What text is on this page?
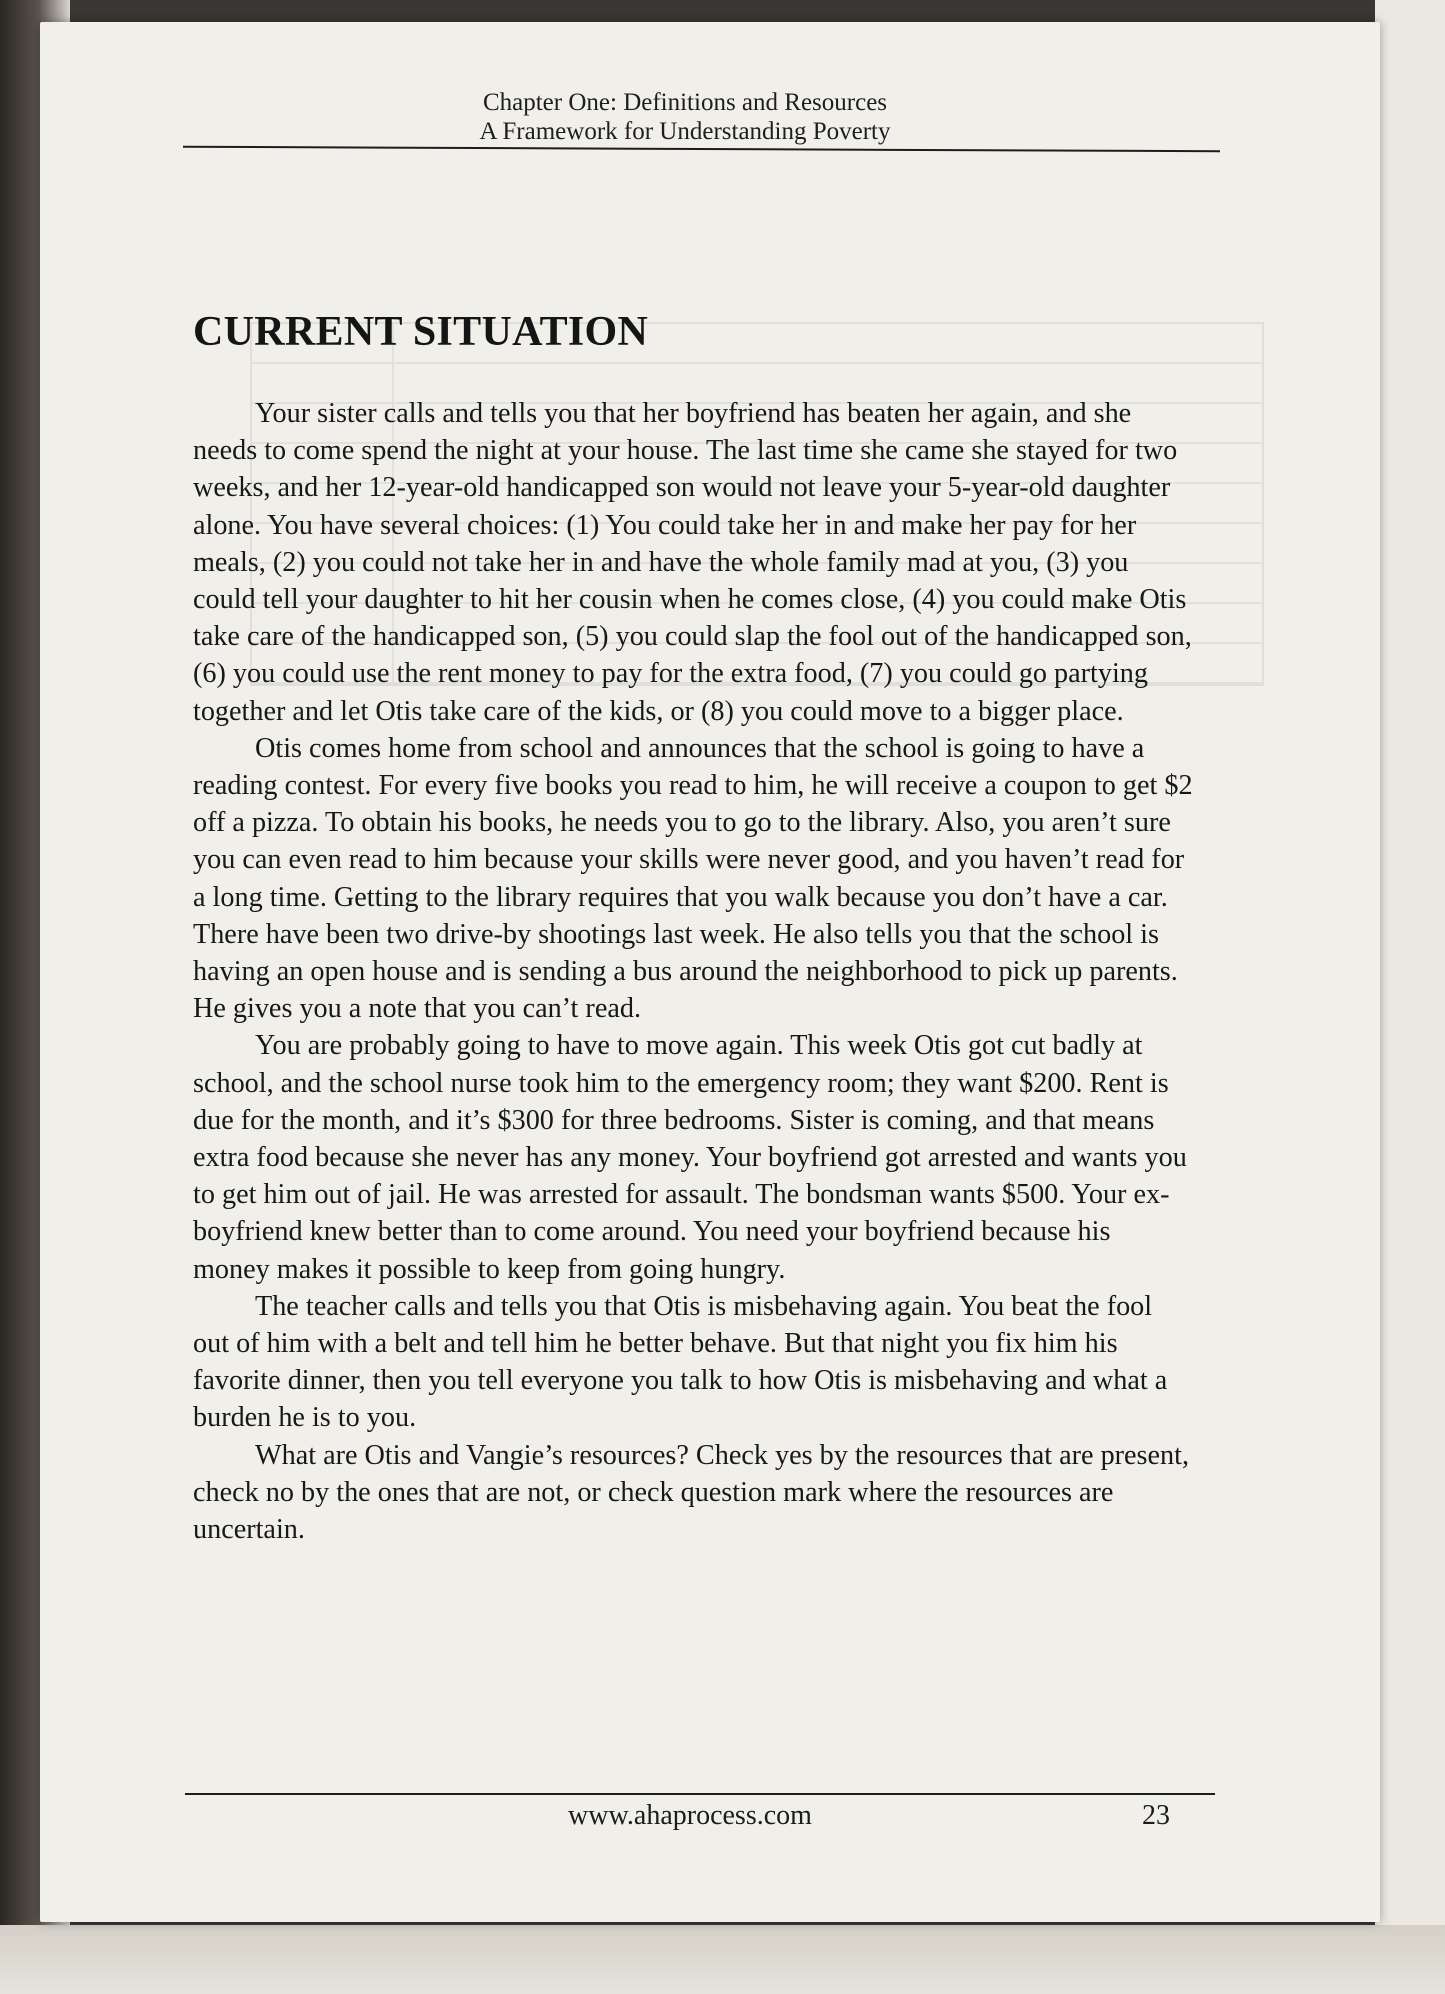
Chapter One: Definitions and Resources
A Framework for Understanding Poverty
CURRENT SITUATION

Your sister calls and tells you that her boyfriend has beaten her again, and she needs to come spend the night at your house. The last time she came she stayed for two weeks, and her 12-year-old handicapped son would not leave your 5-year-old daughter alone. You have several choices: (1) You could take her in and make her pay for her meals, (2) you could not take her in and have the whole family mad at you, (3) you could tell your daughter to hit her cousin when he comes close, (4) you could make Otis take care of the handicapped son, (5) you could slap the fool out of the handicapped son, (6) you could use the rent money to pay for the extra food, (7) you could go partying together and let Otis take care of the kids, or (8) you could move to a bigger place.

Otis comes home from school and announces that the school is going to have a reading contest. For every five books you read to him, he will receive a coupon to get $2 off a pizza. To obtain his books, he needs you to go to the library. Also, you aren’t sure you can even read to him because your skills were never good, and you haven’t read for a long time. Getting to the library requires that you walk because you don’t have a car. There have been two drive-by shootings last week. He also tells you that the school is having an open house and is sending a bus around the neighborhood to pick up parents. He gives you a note that you can’t read.

You are probably going to have to move again. This week Otis got cut badly at school, and the school nurse took him to the emergency room; they want $200. Rent is due for the month, and it’s $300 for three bedrooms. Sister is coming, and that means extra food because she never has any money. Your boyfriend got arrested and wants you to get him out of jail. He was arrested for assault. The bondsman wants $500. Your ex-boyfriend knew better than to come around. You need your boyfriend because his money makes it possible to keep from going hungry.

The teacher calls and tells you that Otis is misbehaving again. You beat the fool out of him with a belt and tell him he better behave. But that night you fix him his favorite dinner, then you tell everyone you talk to how Otis is misbehaving and what a burden he is to you.

What are Otis and Vangie’s resources? Check yes by the resources that are present, check no by the ones that are not, or check question mark where the resources are uncertain.

www.ahaprocess.com	23
